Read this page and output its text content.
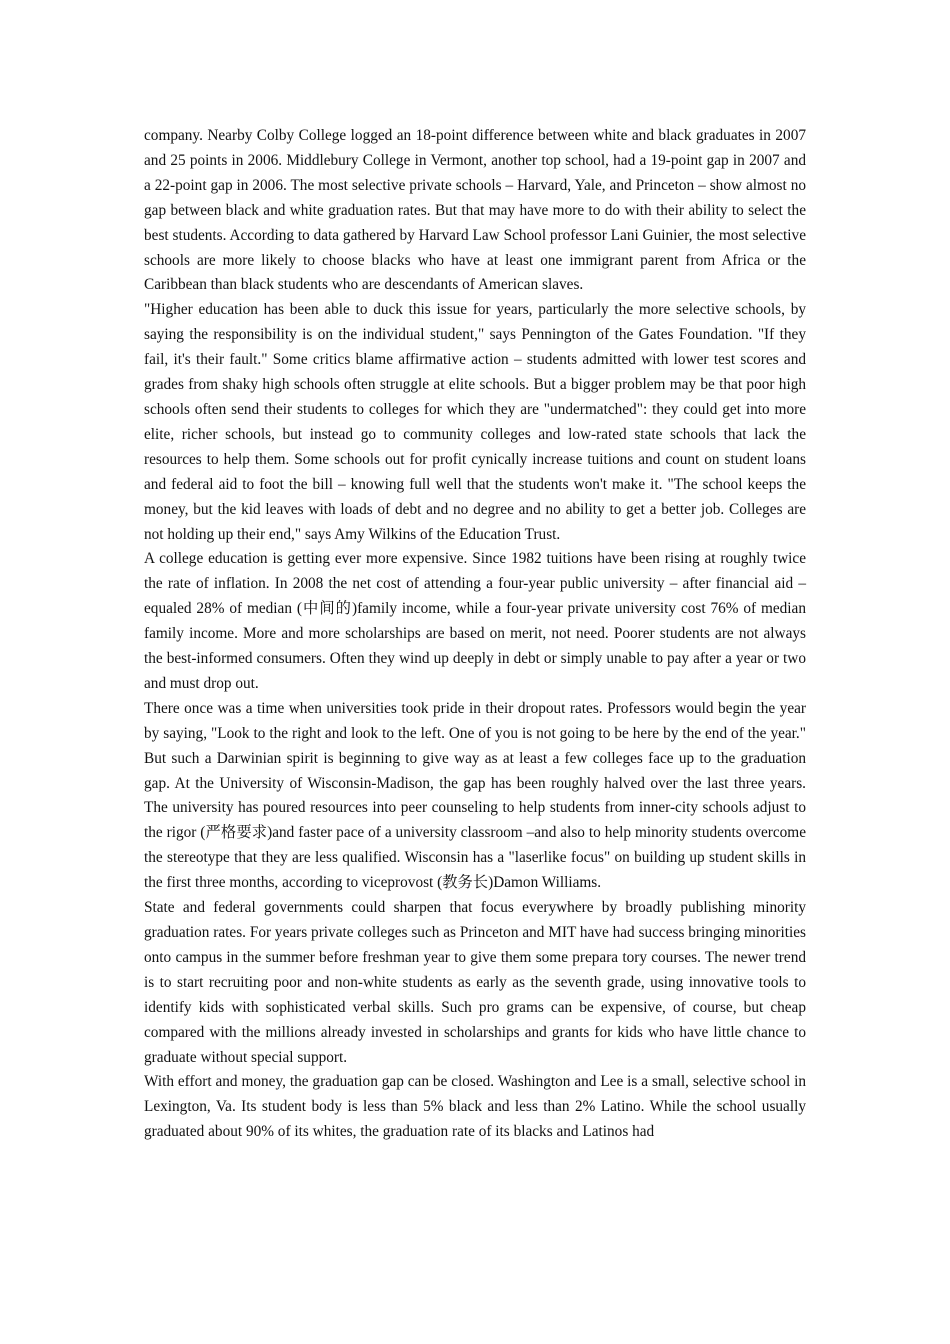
company. Nearby Colby College logged an 18-point difference between white and black graduates in 2007 and 25 points in 2006. Middlebury College in Vermont, another top school, had a 19-point gap in 2007 and a 22-point gap in 2006. The most selective private schools – Harvard, Yale, and Princeton – show almost no gap between black and white graduation rates. But that may have more to do with their ability to select the best students. According to data gathered by Harvard Law School professor Lani Guinier, the most selective schools are more likely to choose blacks who have at least one immigrant parent from Africa or the Caribbean than black students who are descendants of American slaves.

"Higher education has been able to duck this issue for years, particularly the more selective schools, by saying the responsibility is on the individual student," says Pennington of the Gates Foundation. "If they fail, it's their fault." Some critics blame affirmative action – students admitted with lower test scores and grades from shaky high schools often struggle at elite schools. But a bigger problem may be that poor high schools often send their students to colleges for which they are "undermatched": they could get into more elite, richer schools, but instead go to community colleges and low-rated state schools that lack the resources to help them. Some schools out for profit cynically increase tuitions and count on student loans and federal aid to foot the bill – knowing full well that the students won't make it. "The school keeps the money, but the kid leaves with loads of debt and no degree and no ability to get a better job. Colleges are not holding up their end," says Amy Wilkins of the Education Trust.

A college education is getting ever more expensive. Since 1982 tuitions have been rising at roughly twice the rate of inflation. In 2008 the net cost of attending a four-year public university – after financial aid – equaled 28% of median (中间的)family income, while a four-year private university cost 76% of median family income. More and more scholarships are based on merit, not need. Poorer students are not always the best-informed consumers. Often they wind up deeply in debt or simply unable to pay after a year or two and must drop out.

There once was a time when universities took pride in their dropout rates. Professors would begin the year by saying, "Look to the right and look to the left. One of you is not going to be here by the end of the year." But such a Darwinian spirit is beginning to give way as at least a few colleges face up to the graduation gap. At the University of Wisconsin-Madison, the gap has been roughly halved over the last three years. The university has poured resources into peer counseling to help students from inner-city schools adjust to the rigor (严格要求)and faster pace of a university classroom –and also to help minority students overcome the stereotype that they are less qualified. Wisconsin has a "laserlike focus" on building up student skills in the first three months, according to viceprovost (教务长)Damon Williams.

State and federal governments could sharpen that focus everywhere by broadly publishing minority graduation rates. For years private colleges such as Princeton and MIT have had success bringing minorities onto campus in the summer before freshman year to give them some prepara tory courses. The newer trend is to start recruiting poor and non-white students as early as the seventh grade, using innovative tools to identify kids with sophisticated verbal skills. Such pro grams can be expensive, of course, but cheap compared with the millions already invested in scholarships and grants for kids who have little chance to graduate without special support.

With effort and money, the graduation gap can be closed. Washington and Lee is a small, selective school in Lexington, Va. Its student body is less than 5% black and less than 2% Latino. While the school usually graduated about 90% of its whites, the graduation rate of its blacks and Latinos had
